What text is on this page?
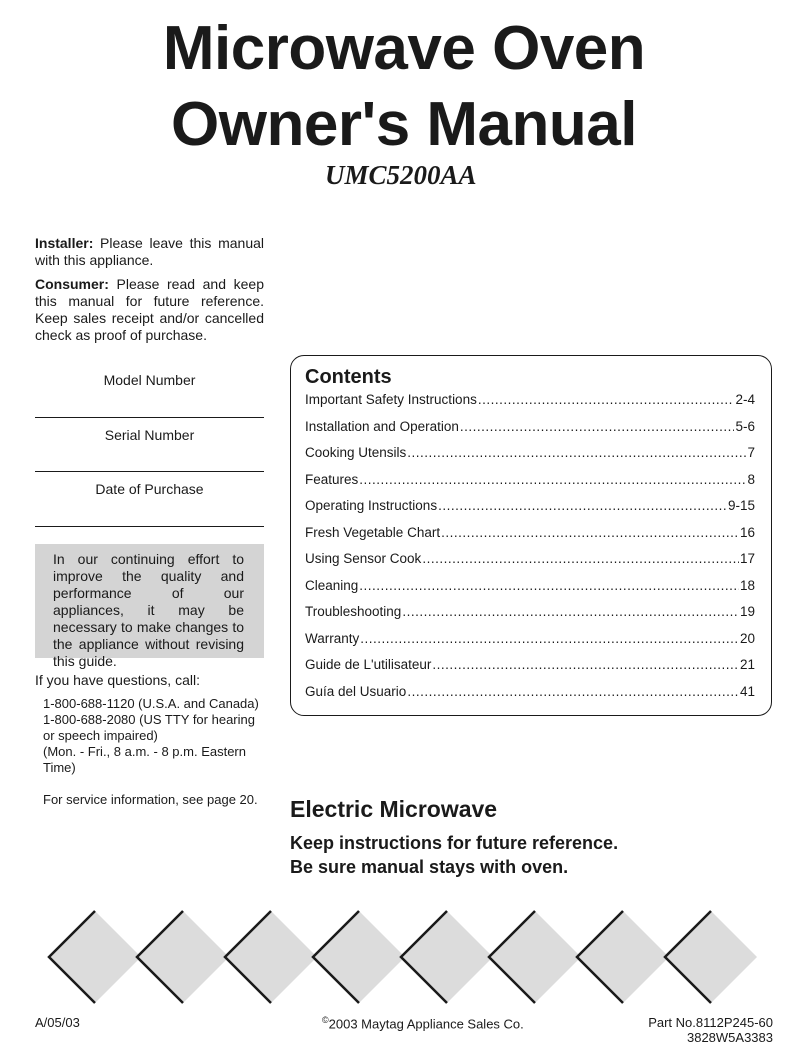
Microwave Oven
Owner's Manual
UMC5200AA
Installer: Please leave this manual with this appliance.
Consumer: Please read and keep this manual for future reference. Keep sales receipt and/or cancelled check as proof of purchase.
Model Number
Serial Number
Date of Purchase
In our continuing effort to improve the quality and performance of our appliances, it may be necessary to make changes to the appliance without revising this guide.
If you have questions, call:
1-800-688-1120 (U.S.A. and Canada)
1-800-688-2080 (US TTY for hearing or speech impaired)
(Mon. - Fri., 8 a.m. - 8 p.m. Eastern Time)
For service information, see page 20.
Contents
Important Safety Instructions .....	2-4
Installation and Operation .....	5-6
Cooking Utensils .....	7
Features .....	8
Operating Instructions .....	9-15
Fresh Vegetable Chart .....	16
Using Sensor Cook .....	17
Cleaning .....	18
Troubleshooting .....	19
Warranty .....	20
Guide de L'utilisateur .....	21
Guía del Usuario .....	41
Electric Microwave
Keep instructions for future reference.
Be sure manual stays with oven.
A/05/03	©2003 Maytag Appliance Sales Co.	Part No.8112P245-60
3828W5A3383
